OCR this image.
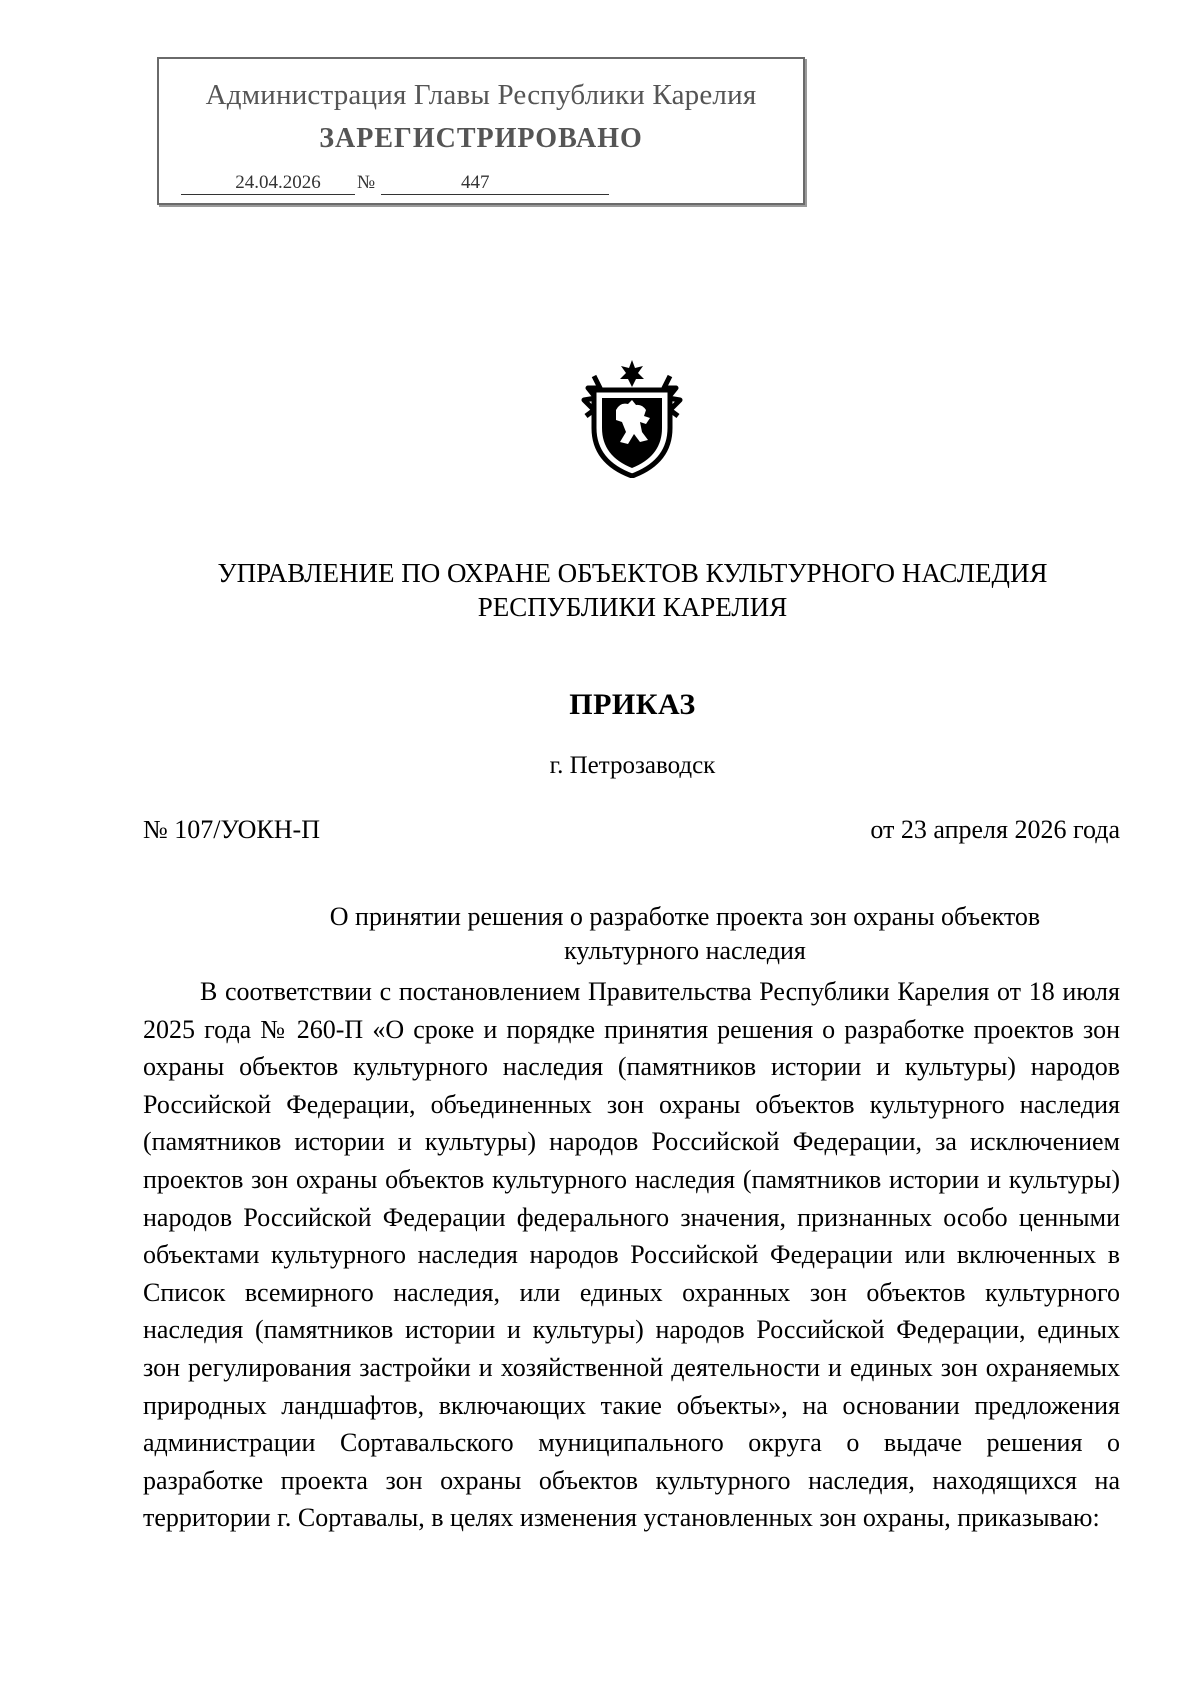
Администрация Главы Республики Карелия
ЗАРЕГИСТРИРОВАНО
24.04.2026	№	447
УПРАВЛЕНИЕ ПО ОХРАНЕ ОБЪЕКТОВ КУЛЬТУРНОГО НАСЛЕДИЯ
РЕСПУБЛИКИ КАРЕЛИЯ
ПРИКАЗ
г. Петрозаводск
№ 107/УОКН-П	от 23 апреля 2026 года
О принятии решения о разработке проекта зон охраны объектов
культурного наследия
В соответствии с постановлением Правительства Республики Карелия от 18 июля 2025 года № 260-П «О сроке и порядке принятия решения о разработке проектов зон охраны объектов культурного наследия (памятников истории и культуры) народов Российской Федерации, объединенных зон охраны объектов культурного наследия (памятников истории и культуры) народов Российской Федерации, за исключением проектов зон охраны объектов культурного наследия (памятников истории и культуры) народов Российской Федерации федерального значения, признанных особо ценными объектами культурного наследия народов Российской Федерации или включенных в Список всемирного наследия, или единых охранных зон объектов культурного наследия (памятников истории и культуры) народов Российской Федерации, единых зон регулирования застройки и хозяйственной деятельности и единых зон охраняемых природных ландшафтов, включающих такие объекты», на основании предложения администрации Сортавальского муниципального округа о выдаче решения о разработке проекта зон охраны объектов культурного наследия, находящихся на территории г. Сортавалы, в целях изменения установленных зон охраны, приказываю:
